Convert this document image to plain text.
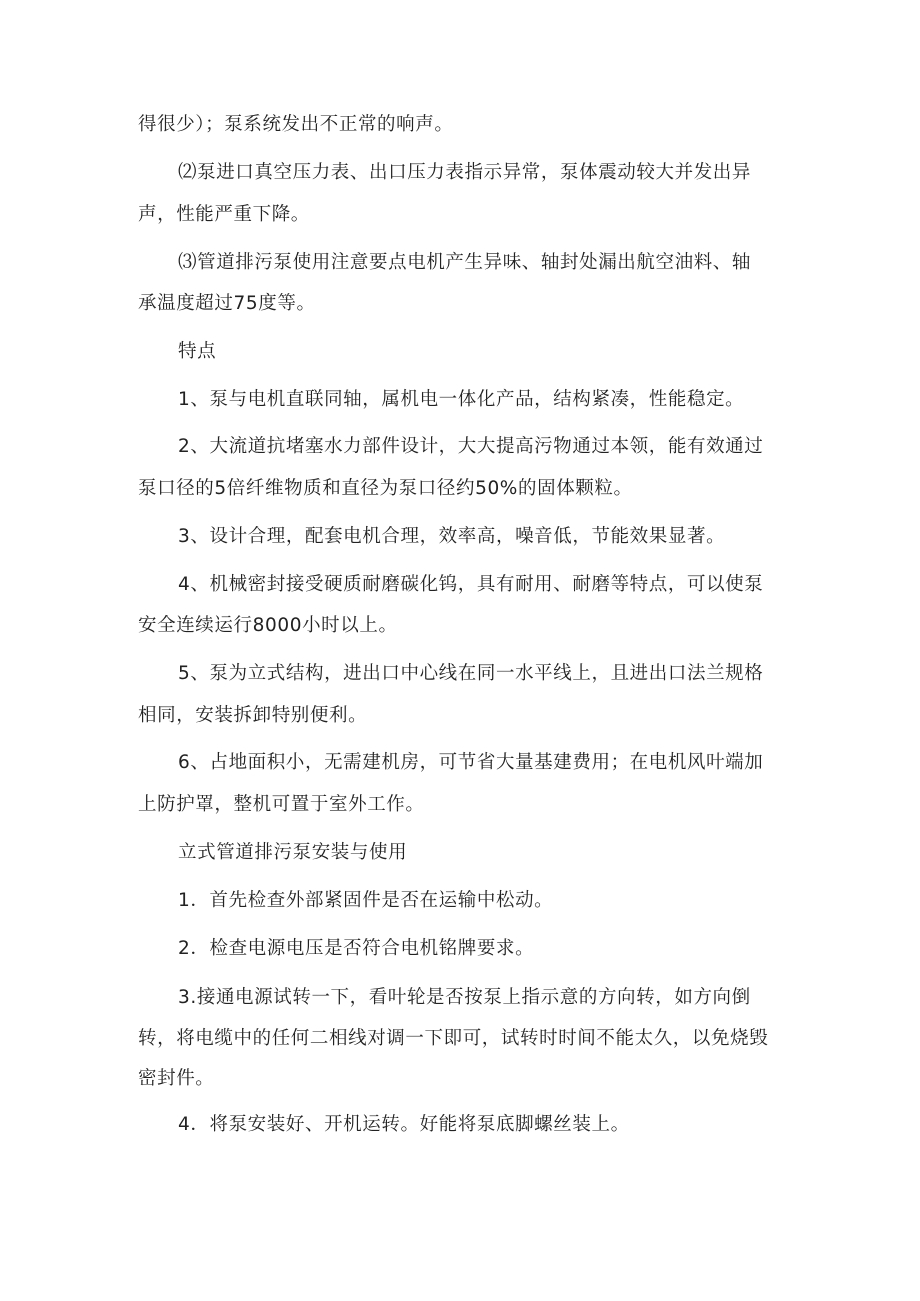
得很少）；泵系统发出不正常的响声。
⑵泵进口真空压力表、出口压力表指示异常，泵体震动较大并发出异
声，性能严重下降。
⑶管道排污泵使用注意要点电机产生异味、轴封处漏出航空油料、轴
承温度超过75度等。
特点
1、泵与电机直联同轴，属机电一体化产品，结构紧凑，性能稳定。
2、大流道抗堵塞水力部件设计，大大提高污物通过本领，能有效通过
泵口径的5倍纤维物质和直径为泵口径约50%的固体颗粒。
3、设计合理，配套电机合理，效率高，噪音低，节能效果显著。
4、机械密封接受硬质耐磨碳化钨，具有耐用、耐磨等特点，可以使泵
安全连续运行8000小时以上。
5、泵为立式结构，进出口中心线在同一水平线上，且进出口法兰规格
相同，安装拆卸特别便利。
6、占地面积小，无需建机房，可节省大量基建费用；在电机风叶端加
上防护罩，整机可置于室外工作。
立式管道排污泵安装与使用
1．首先检查外部紧固件是否在运输中松动。
2．检查电源电压是否符合电机铭牌要求。
3.接通电源试转一下，看叶轮是否按泵上指示意的方向转，如方向倒
转，将电缆中的任何二相线对调一下即可，试转时时间不能太久，以免烧毁
密封件。
4．将泵安装好、开机运转。好能将泵底脚螺丝装上。
